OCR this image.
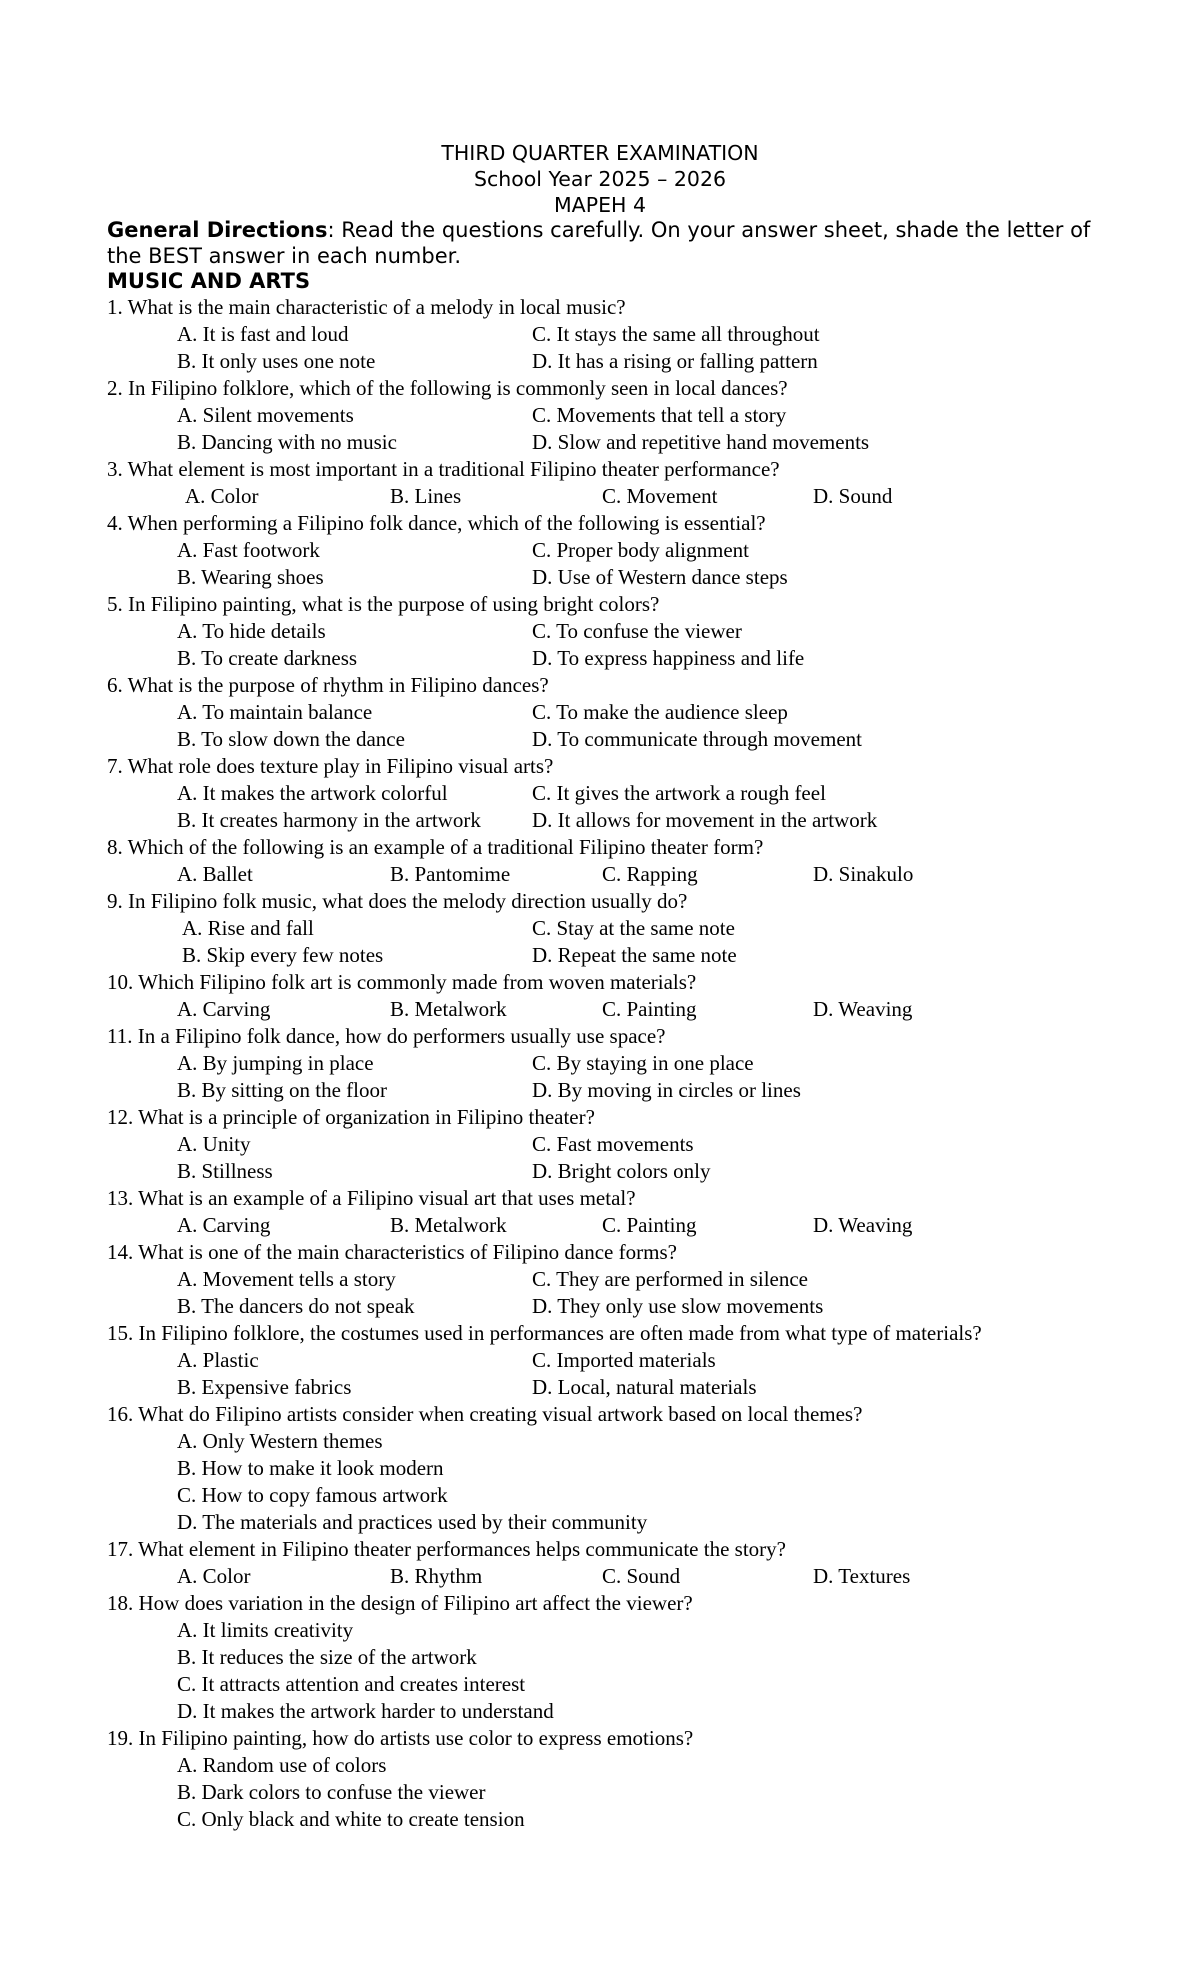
THIRD QUARTER EXAMINATION
School Year 2025 – 2026
MAPEH 4
General Directions: Read the questions carefully. On your answer sheet, shade the letter of the BEST answer in each number.
MUSIC AND ARTS
1. What is the main characteristic of a melody in local music?
A. It is fast and loud	C. It stays the same all throughout
B. It only uses one note	D. It has a rising or falling pattern
2. In Filipino folklore, which of the following is commonly seen in local dances?
A. Silent movements	C. Movements that tell a story
B. Dancing with no music	D. Slow and repetitive hand movements
3. What element is most important in a traditional Filipino theater performance?
A. Color	B. Lines	C. Movement	D. Sound
4. When performing a Filipino folk dance, which of the following is essential?
A. Fast footwork	C. Proper body alignment
B. Wearing shoes	D. Use of Western dance steps
5. In Filipino painting, what is the purpose of using bright colors?
A. To hide details	C. To confuse the viewer
B. To create darkness	D. To express happiness and life
6. What is the purpose of rhythm in Filipino dances?
A. To maintain balance	C. To make the audience sleep
B. To slow down the dance	D. To communicate through movement
7. What role does texture play in Filipino visual arts?
A. It makes the artwork colorful	C. It gives the artwork a rough feel
B. It creates harmony in the artwork D. It allows for movement in the artwork
8. Which of the following is an example of a traditional Filipino theater form?
A. Ballet	B. Pantomime	C. Rapping	D. Sinakulo
9. In Filipino folk music, what does the melody direction usually do?
A. Rise and fall	C. Stay at the same note
B. Skip every few notes	D. Repeat the same note
10. Which Filipino folk art is commonly made from woven materials?
A. Carving	B. Metalwork	C. Painting	D. Weaving
11. In a Filipino folk dance, how do performers usually use space?
A. By jumping in place	C. By staying in one place
B. By sitting on the floor	D. By moving in circles or lines
12. What is a principle of organization in Filipino theater?
A. Unity	C. Fast movements
B. Stillness	D. Bright colors only
13. What is an example of a Filipino visual art that uses metal?
A. Carving	B. Metalwork	C. Painting	D. Weaving
14. What is one of the main characteristics of Filipino dance forms?
A. Movement tells a story	C. They are performed in silence
B. The dancers do not speak	D. They only use slow movements
15. In Filipino folklore, the costumes used in performances are often made from what type of materials?
A. Plastic	C. Imported materials
B. Expensive fabrics	D. Local, natural materials
16. What do Filipino artists consider when creating visual artwork based on local themes?
A. Only Western themes
B. How to make it look modern
C. How to copy famous artwork
D. The materials and practices used by their community
17. What element in Filipino theater performances helps communicate the story?
A. Color	B. Rhythm	C. Sound	D. Textures
18. How does variation in the design of Filipino art affect the viewer?
A. It limits creativity
B. It reduces the size of the artwork
C. It attracts attention and creates interest
D. It makes the artwork harder to understand
19. In Filipino painting, how do artists use color to express emotions?
A. Random use of colors
B. Dark colors to confuse the viewer
C. Only black and white to create tension
